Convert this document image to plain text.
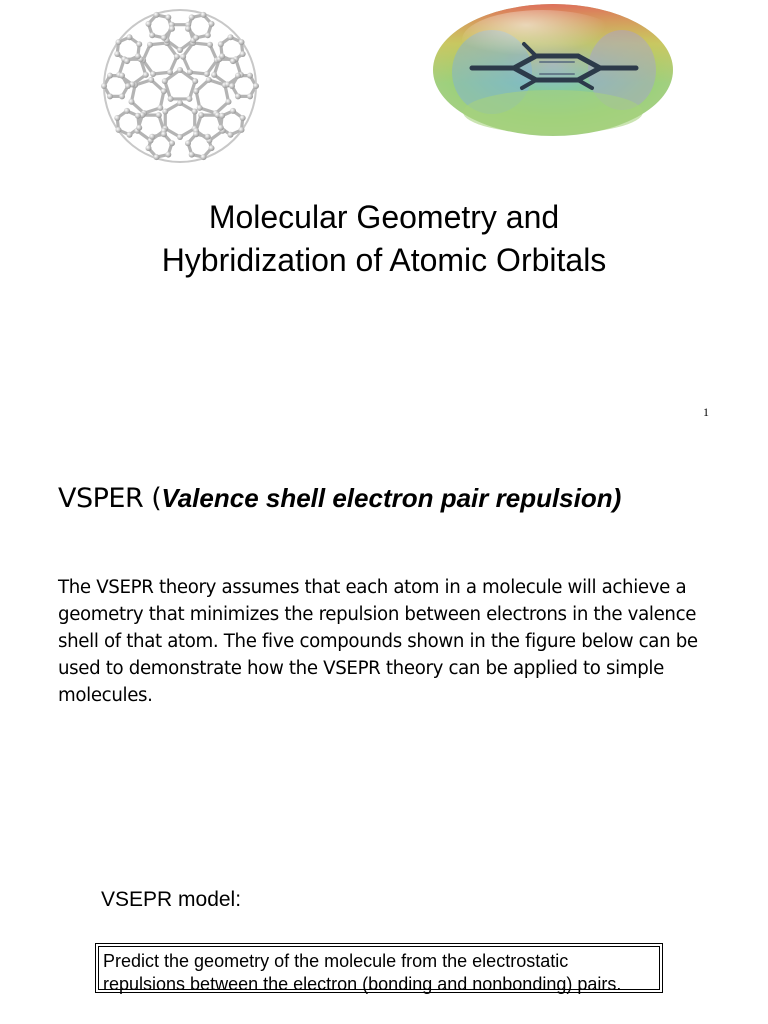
Molecular Geometry and
Hybridization of Atomic Orbitals
1
VSPER (Valence shell electron pair repulsion)
The VSEPR theory assumes that each atom in a molecule will achieve a geometry that minimizes the repulsion between electrons in the valence shell of that atom. The five compounds shown in the figure below can be used to demonstrate how the VSEPR theory can be applied to simple molecules.
VSEPR model:
Predict the geometry of the molecule from the electrostatic repulsions between the electron (bonding and nonbonding) pairs.
